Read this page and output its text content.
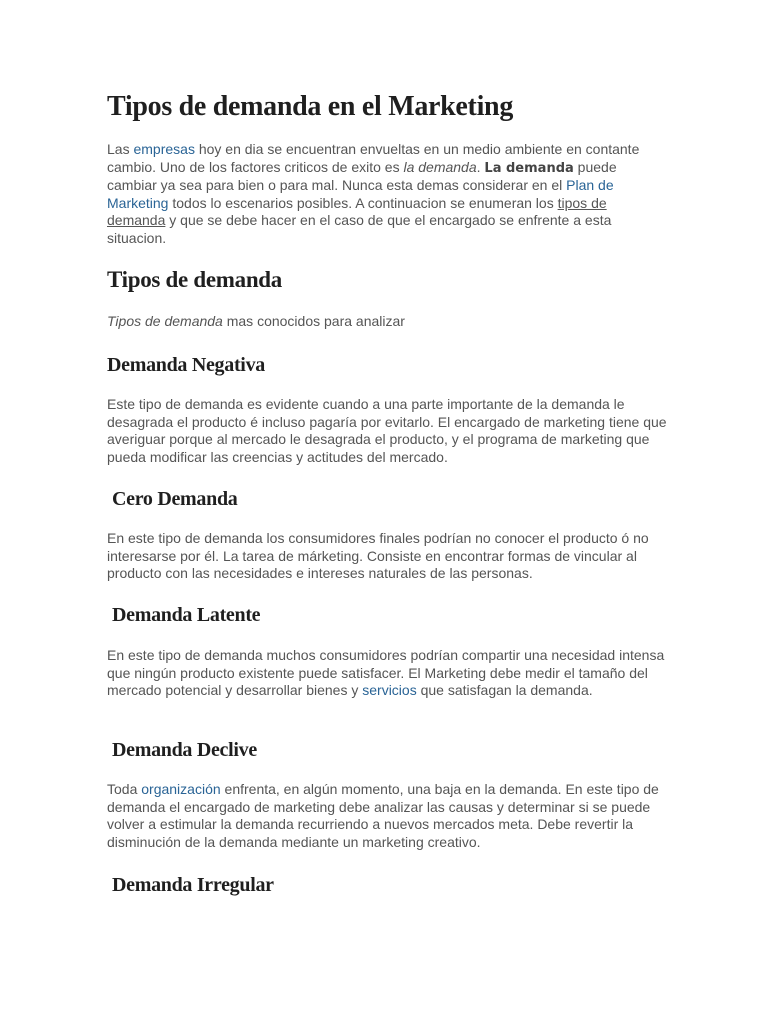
Tipos de demanda en el Marketing

Las empresas hoy en dia se encuentran envueltas en un medio ambiente en contante cambio. Uno de los factores criticos de exito es la demanda. La demanda puede cambiar ya sea para bien o para mal. Nunca esta demas considerar en el Plan de Marketing todos lo escenarios posibles. A continuacion se enumeran los tipos de demanda y que se debe hacer en el caso de que el encargado se enfrente a esta situacion.

Tipos de demanda

Tipos de demanda mas conocidos para analizar

Demanda Negativa

Este tipo de demanda es evidente cuando a una parte importante de la demanda le desagrada el producto é incluso pagaría por evitarlo. El encargado de marketing tiene que averiguar porque al mercado le desagrada el producto, y el programa de marketing que pueda modificar las creencias y actitudes del mercado.

Cero Demanda

En este tipo de demanda los consumidores finales podrían no conocer el producto ó no interesarse por él. La tarea de márketing. Consiste en encontrar formas de vincular al producto con las necesidades e intereses naturales de las personas.

Demanda Latente

En este tipo de demanda muchos consumidores podrían compartir una necesidad intensa que ningún producto existente puede satisfacer. El Marketing debe medir el tamaño del mercado potencial y desarrollar bienes y servicios que satisfagan la demanda.

Demanda Declive

Toda organización enfrenta, en algún momento, una baja en la demanda. En este tipo de demanda el encargado de marketing debe analizar las causas y determinar si se puede volver a estimular la demanda recurriendo a nuevos mercados meta. Debe revertir la disminución de la demanda mediante un marketing creativo.

Demanda Irregular
